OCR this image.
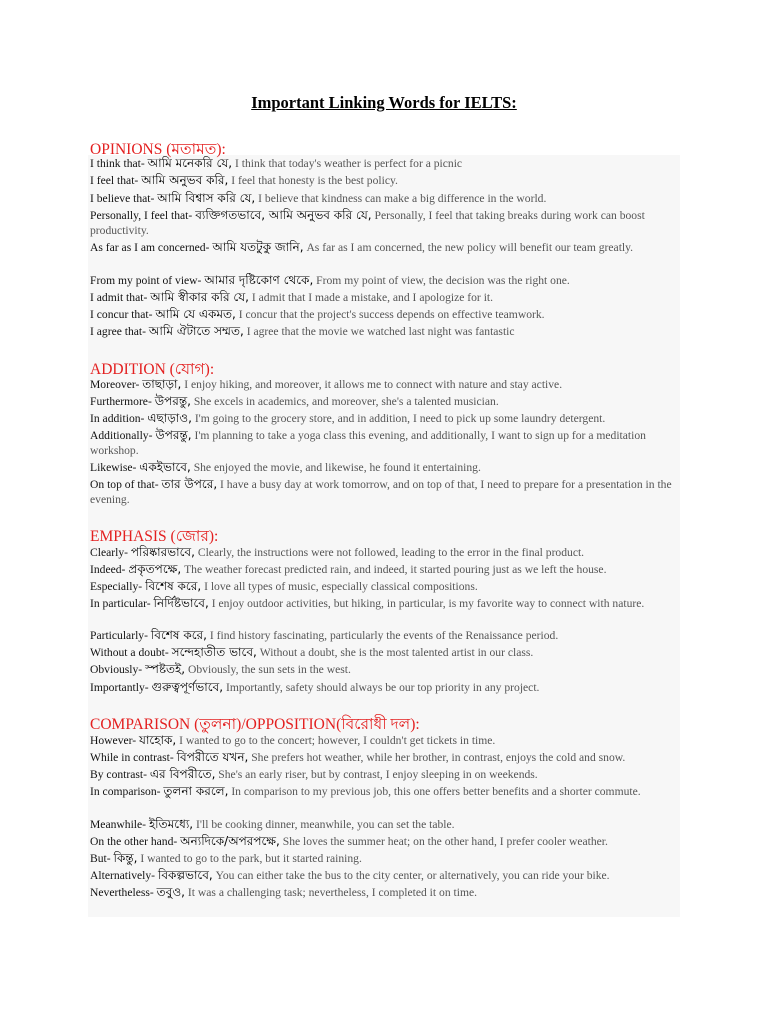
Important Linking Words for IELTS:
OPINIONS (মতামত):
I think that- আমি মনেকরি যে, I think that today's weather is perfect for a picnic
I feel that- আমি অনুভব করি, I feel that honesty is the best policy.
I believe that- আমি বিশ্বাস করি যে, I believe that kindness can make a big difference in the world.
Personally, I feel that- ব্যক্তিগতভাবে, আমি অনুভব করি যে, Personally, I feel that taking breaks during work can boost productivity.
As far as I am concerned- আমি যতটুকু জানি, As far as I am concerned, the new policy will benefit our team greatly.
From my point of view- আমার দৃষ্টিকোণ থেকে, From my point of view, the decision was the right one.
I admit that- আমি স্বীকার করি যে, I admit that I made a mistake, and I apologize for it.
I concur that- আমি যে একমত, I concur that the project's success depends on effective teamwork.
I agree that- আমি ঐটাতে সম্মত, I agree that the movie we watched last night was fantastic
ADDITION (যোগ):
Moreover- তাছাড়া, I enjoy hiking, and moreover, it allows me to connect with nature and stay active.
Furthermore- উপরন্তু, She excels in academics, and moreover, she's a talented musician.
In addition- এছাড়াও, I'm going to the grocery store, and in addition, I need to pick up some laundry detergent.
Additionally- উপরন্তু, I'm planning to take a yoga class this evening, and additionally, I want to sign up for a meditation workshop.
Likewise- একইভাবে, She enjoyed the movie, and likewise, he found it entertaining.
On top of that- তার উপরে, I have a busy day at work tomorrow, and on top of that, I need to prepare for a presentation in the evening.
EMPHASIS (জোর):
Clearly- পরিষ্কারভাবে, Clearly, the instructions were not followed, leading to the error in the final product.
Indeed- প্রকৃতপক্ষে, The weather forecast predicted rain, and indeed, it started pouring just as we left the house.
Especially- বিশেষ করে, I love all types of music, especially classical compositions.
In particular- নির্দিষ্টভাবে, I enjoy outdoor activities, but hiking, in particular, is my favorite way to connect with nature.
Particularly- বিশেষ করে, I find history fascinating, particularly the events of the Renaissance period.
Without a doubt- সন্দেহাতীত ভাবে, Without a doubt, she is the most talented artist in our class.
Obviously- স্পষ্টতই, Obviously, the sun sets in the west.
Importantly- গুরুত্বপূর্ণভাবে, Importantly, safety should always be our top priority in any project.
COMPARISON (তুলনা)/OPPOSITION(বিরোধী দল):
However- যাহোক, I wanted to go to the concert; however, I couldn't get tickets in time.
While in contrast- বিপরীতে যখন, She prefers hot weather, while her brother, in contrast, enjoys the cold and snow.
By contrast- এর বিপরীতে, She's an early riser, but by contrast, I enjoy sleeping in on weekends.
In comparison- তুলনা করলে, In comparison to my previous job, this one offers better benefits and a shorter commute.
Meanwhile- ইতিমধ্যে, I'll be cooking dinner, meanwhile, you can set the table.
On the other hand- অন্যদিকে/অপরপক্ষে, She loves the summer heat; on the other hand, I prefer cooler weather.
But- কিন্তু, I wanted to go to the park, but it started raining.
Alternatively- বিকল্পভাবে, You can either take the bus to the city center, or alternatively, you can ride your bike.
Nevertheless- তবুও, It was a challenging task; nevertheless, I completed it on time.
